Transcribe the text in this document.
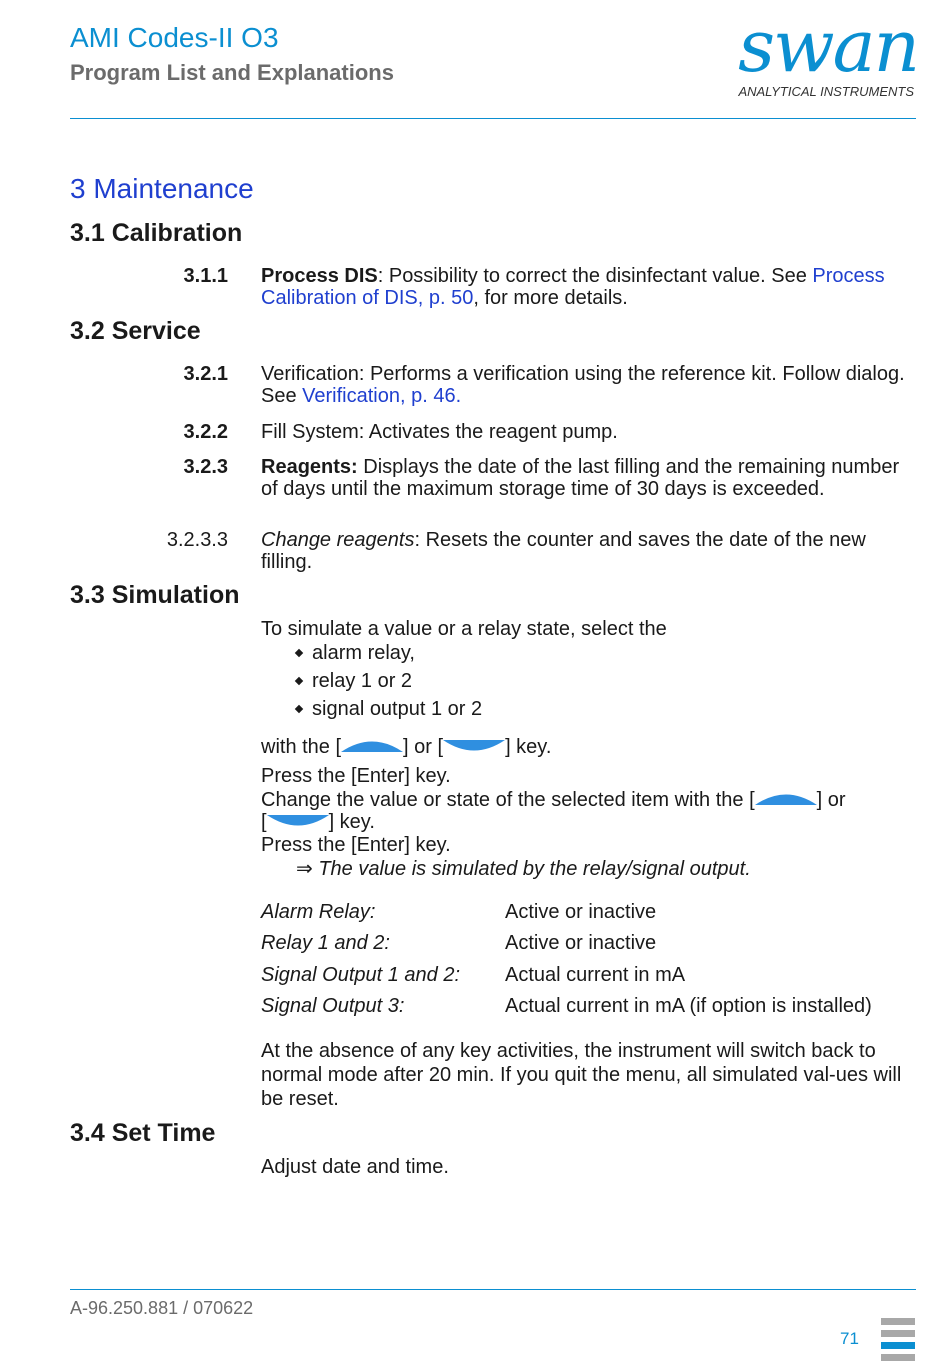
AMI Codes-II O3
Program List and Explanations	swan
ANALYTICAL INSTRUMENTS
3 Maintenance
3.1 Calibration
3.1.1 Process DIS: Possibility to correct the disinfectant value. See Process Calibration of DIS, p. 50, for more details.
3.2 Service
3.2.1 Verification: Performs a verification using the reference kit. Follow dialog. See Verification, p. 46.
3.2.2 Fill System: Activates the reagent pump.
3.2.3 Reagents: Displays the date of the last filling and the remaining number of days until the maximum storage time of 30 days is exceeded.
3.2.3.3 Change reagents: Resets the counter and saves the date of the new filling.
3.3 Simulation
To simulate a value or a relay state, select the
alarm relay,
relay 1 or 2
signal output 1 or 2
with the [	] or [	] key.
Press the [Enter] key.
Change the value or state of the selected item with the [	] or
[	] key.
Press the [Enter] key.
⇒ The value is simulated by the relay/signal output.
Alarm Relay:	Active or inactive
Relay 1 and 2:	Active or inactive
Signal Output 1 and 2: Actual current in mA
Signal Output 3:	Actual current in mA (if option is installed)
At the absence of any key activities, the instrument will switch back to normal mode after 20 min. If you quit the menu, all simulated val-ues will be reset.
3.4 Set Time
Adjust date and time.
A-96.250.881 / 070622
71
